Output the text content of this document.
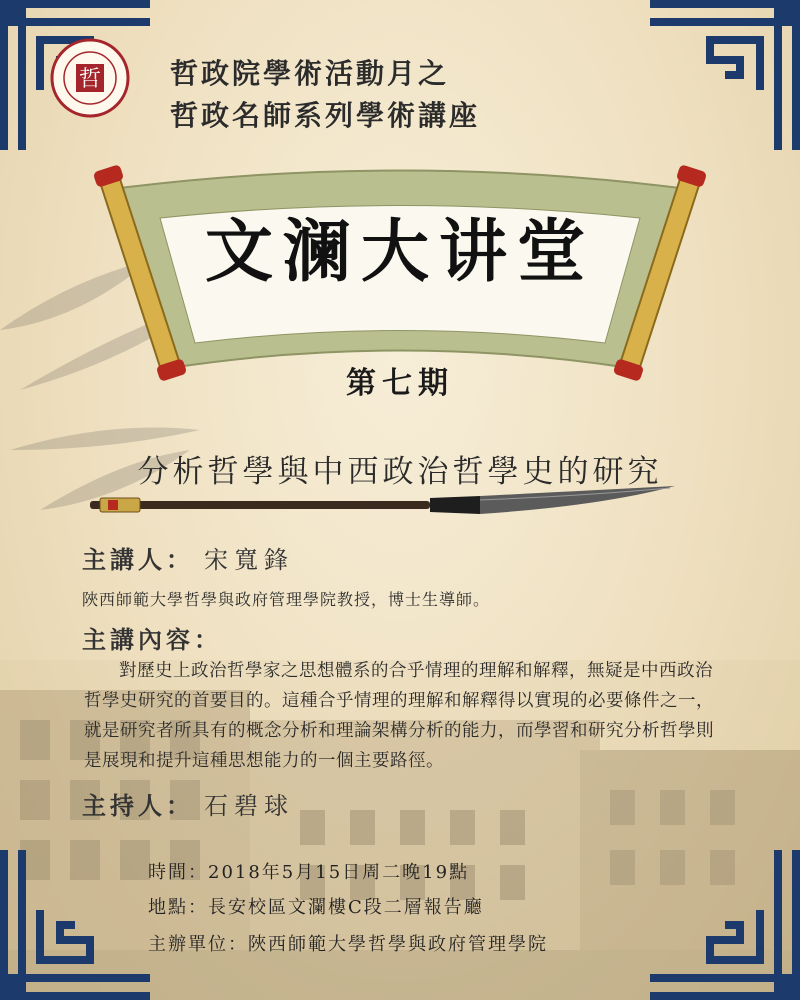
哲 哲政院學術活動月之
哲政名師系列學術講座
文澜大讲堂
第七期
分析哲學與中西政治哲學史的研究
主講人： 宋寬鋒
陜西師範大學哲學與政府管理學院教授，博士生導師。
主講內容：
對歷史上政治哲學家之思想體系的合乎情理的理解和解釋，無疑是中西政治哲學史研究的首要目的。這種合乎情理的理解和解釋得以實現的必要條件之一，就是研究者所具有的概念分析和理論架構分析的能力，而學習和研究分析哲學則是展現和提升這種思想能力的一個主要路徑。
主持人： 石碧球
時間：2018年5月15日周二晚19點
地點：長安校區文瀾樓C段二層報告廳
主辦單位：陜西師範大學哲學與政府管理學院
